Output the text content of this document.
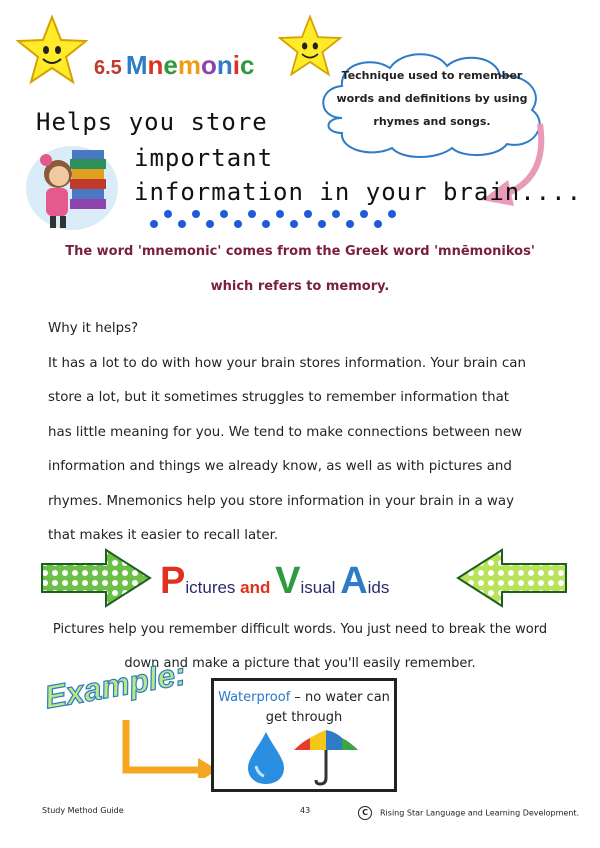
6.5 Mnemonic	Technique used to remember words and definitions by using rhymes and songs.
Helps you store
important
information in your brain....
The word 'mnemonic' comes from the Greek word 'mnēmonikos'
which refers to memory.

Why it helps?

It has a lot to do with how your brain stores information. Your brain can

store a lot, but it sometimes struggles to remember information that

has little meaning for you. We tend to make connections between new

information and things we already know, as well as with pictures and

rhymes. Mnemonics help you store information in your brain in a way

that makes it easier to recall later.

Pictures and Visual Aids

Pictures help you remember difficult words. You just need to break the word

down and make a picture that you'll easily remember.

Example: Waterproof – no water can get through
Study Method Guide	43	C Rising Star Language and Learning Development.
